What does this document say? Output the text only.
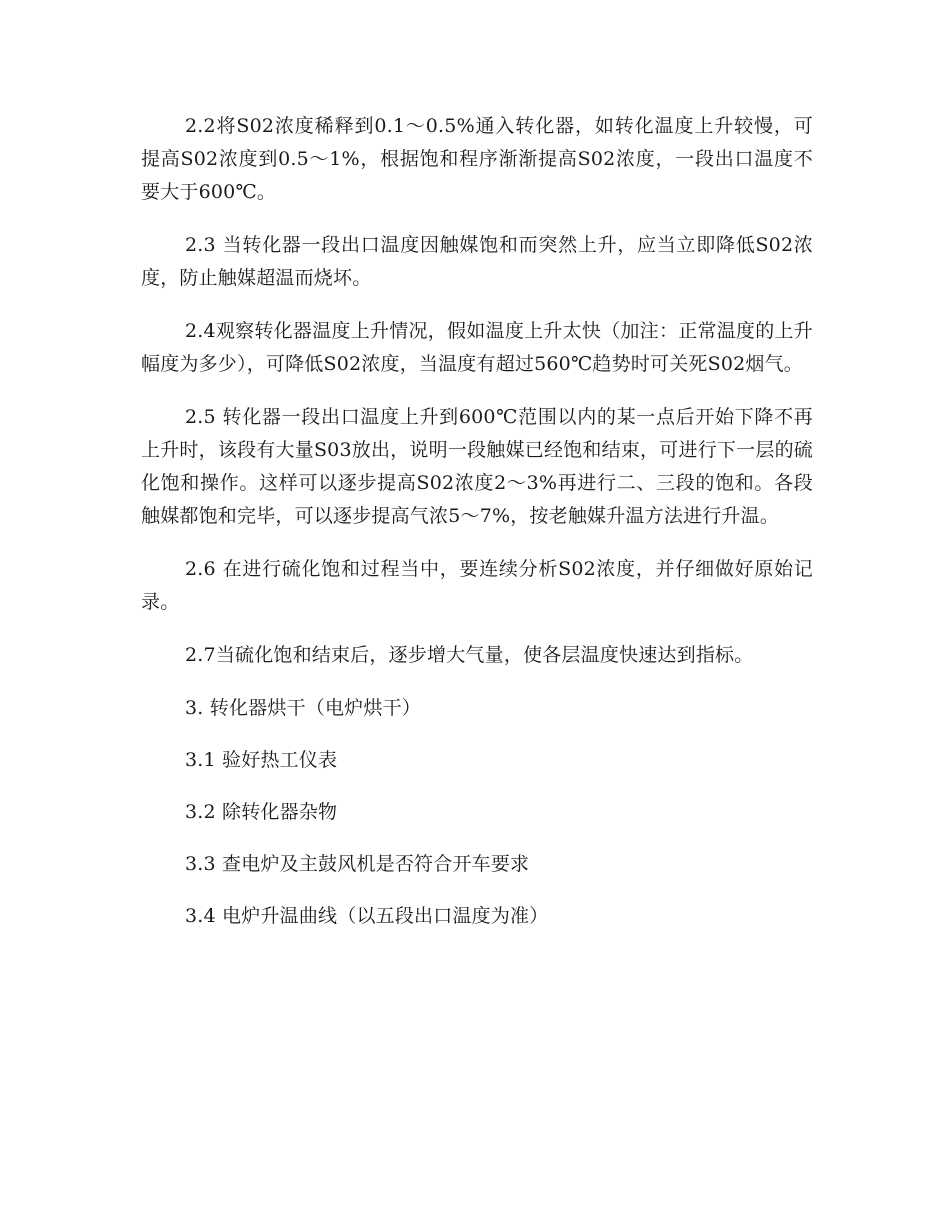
2.2将S02浓度稀释到0.1～0.5%通入转化器，如转化温度上升较慢，可提高S02浓度到0.5～1%，根据饱和程序渐渐提高S02浓度，一段出口温度不要大于600℃。

2.3 当转化器一段出口温度因触媒饱和而突然上升，应当立即降低S02浓度，防止触媒超温而烧坏。

2.4观察转化器温度上升情况，假如温度上升太快（加注：正常温度的上升幅度为多少），可降低S02浓度，当温度有超过560℃趋势时可关死S02烟气。

2.5 转化器一段出口温度上升到600℃范围以内的某一点后开始下降不再上升时，该段有大量S03放出，说明一段触媒已经饱和结束，可进行下一层的硫化饱和操作。这样可以逐步提高S02浓度2～3%再进行二、三段的饱和。各段触媒都饱和完毕，可以逐步提高气浓5～7%，按老触媒升温方法进行升温。

2.6 在进行硫化饱和过程当中，要连续分析S02浓度，并仔细做好原始记录。

2.7当硫化饱和结束后，逐步增大气量，使各层温度快速达到指标。

3. 转化器烘干（电炉烘干）

3.1 验好热工仪表

3.2 除转化器杂物

3.3 查电炉及主鼓风机是否符合开车要求

3.4 电炉升温曲线（以五段出口温度为准）
